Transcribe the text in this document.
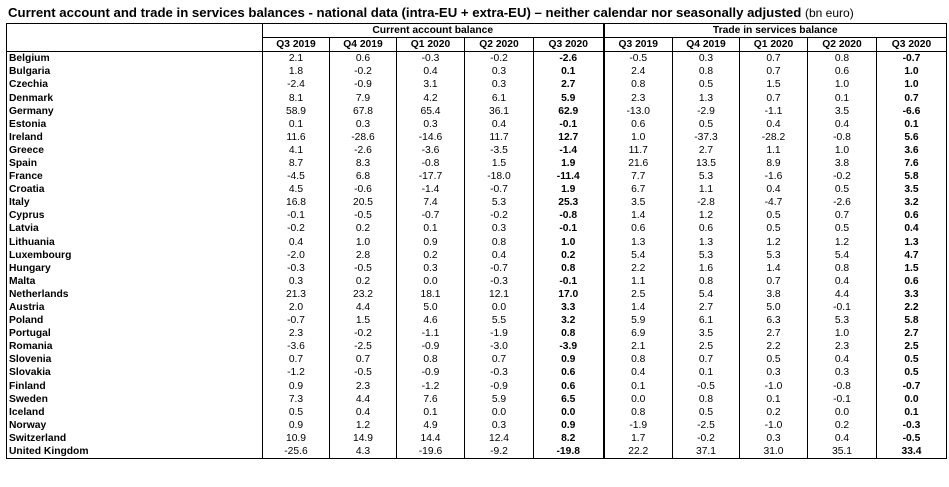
Current account and trade in services balances - national data (intra-EU + extra-EU) – neither calendar nor seasonally adjusted (bn euro)
	Current account balance					Trade in services balance				
	Q3 2019	Q4 2019	Q1 2020	Q2 2020	Q3 2020	Q3 2019	Q4 2019	Q1 2020	Q2 2020	Q3 2020
Belgium	2.1	0.6	-0.3	-0.2	-2.6	-0.5	0.3	0.7	0.8	-0.7
Bulgaria	1.8	-0.2	0.4	0.3	0.1	2.4	0.8	0.7	0.6	1.0
Czechia	-2.4	-0.9	3.1	0.3	2.7	0.8	0.5	1.5	1.0	1.0
Denmark	8.1	7.9	4.2	6.1	5.9	2.3	1.3	0.7	0.1	0.7
Germany	58.9	67.8	65.4	36.1	62.9	-13.0	-2.9	-1.1	3.5	-6.6
Estonia	0.1	0.3	0.3	0.4	-0.1	0.6	0.5	0.4	0.4	0.1
Ireland	11.6	-28.6	-14.6	11.7	12.7	1.0	-37.3	-28.2	-0.8	5.6
Greece	4.1	-2.6	-3.6	-3.5	-1.4	11.7	2.7	1.1	1.0	3.6
Spain	8.7	8.3	-0.8	1.5	1.9	21.6	13.5	8.9	3.8	7.6
France	-4.5	6.8	-17.7	-18.0	-11.4	7.7	5.3	-1.6	-0.2	5.8
Croatia	4.5	-0.6	-1.4	-0.7	1.9	6.7	1.1	0.4	0.5	3.5
Italy	16.8	20.5	7.4	5.3	25.3	3.5	-2.8	-4.7	-2.6	3.2
Cyprus	-0.1	-0.5	-0.7	-0.2	-0.8	1.4	1.2	0.5	0.7	0.6
Latvia	-0.2	0.2	0.1	0.3	-0.1	0.6	0.6	0.5	0.5	0.4
Lithuania	0.4	1.0	0.9	0.8	1.0	1.3	1.3	1.2	1.2	1.3
Luxembourg	-2.0	2.8	0.2	0.4	0.2	5.4	5.3	5.3	5.4	4.7
Hungary	-0.3	-0.5	0.3	-0.7	0.8	2.2	1.6	1.4	0.8	1.5
Malta	0.3	0.2	0.0	-0.3	-0.1	1.1	0.8	0.7	0.4	0.6
Netherlands	21.3	23.2	18.1	12.1	17.0	2.5	5.4	3.8	4.4	3.3
Austria	2.0	4.4	5.0	0.0	3.3	1.4	2.7	5.0	-0.1	2.2
Poland	-0.7	1.5	4.6	5.5	3.2	5.9	6.1	6.3	5.3	5.8
Portugal	2.3	-0.2	-1.1	-1.9	0.8	6.9	3.5	2.7	1.0	2.7
Romania	-3.6	-2.5	-0.9	-3.0	-3.9	2.1	2.5	2.2	2.3	2.5
Slovenia	0.7	0.7	0.8	0.7	0.9	0.8	0.7	0.5	0.4	0.5
Slovakia	-1.2	-0.5	-0.9	-0.3	0.6	0.4	0.1	0.3	0.3	0.5
Finland	0.9	2.3	-1.2	-0.9	0.6	0.1	-0.5	-1.0	-0.8	-0.7
Sweden	7.3	4.4	7.6	5.9	6.5	0.0	0.8	0.1	-0.1	0.0
Iceland	0.5	0.4	0.1	0.0	0.0	0.8	0.5	0.2	0.0	0.1
Norway	0.9	1.2	4.9	0.3	0.9	-1.9	-2.5	-1.0	0.2	-0.3
Switzerland	10.9	14.9	14.4	12.4	8.2	1.7	-0.2	0.3	0.4	-0.5
United Kingdom	-25.6	4.3	-19.6	-9.2	-19.8	22.2	37.1	31.0	35.1	33.4
